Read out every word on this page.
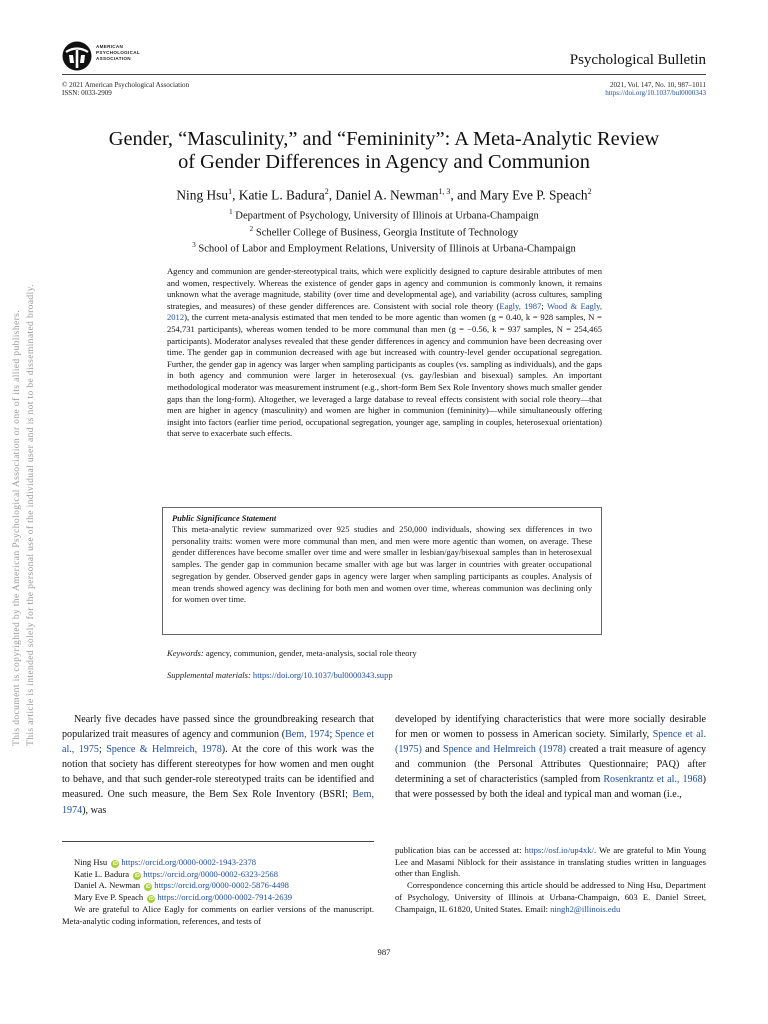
AMERICAN
PSYCHOLOGICAL
ASSOCIATION	Psychological Bulletin
© 2021 American Psychological Association
ISSN: 0033-2909
2021, Vol. 147, No. 10, 987–1011
https://doi.org/10.1037/bul0000343
Gender, “Masculinity,” and “Femininity”: A Meta-Analytic Review
of Gender Differences in Agency and Communion
Ning Hsu$^1$, Katie L. Badura$^2$, Daniel A. Newman$^{1, 3}$, and Mary Eve P. Speach$^2$
$^1$ Department of Psychology, University of Illinois at Urbana-Champaign
$^2$ Scheller College of Business, Georgia Institute of Technology
$^3$ School of Labor and Employment Relations, University of Illinois at Urbana-Champaign
Agency and communion are gender-stereotypical traits, which were explicitly designed to capture desirable attributes of men and women, respectively. Whereas the existence of gender gaps in agency and communion is commonly known, it remains unknown what the average magnitude, stability (over time and developmental age), and variability (across cultures, sampling strategies, and measures) of these gender differences are. Consistent with social role theory (Eagly, 1987; Wood & Eagly, 2012), the current meta-analysis estimated that men tended to be more agentic than women (g = 0.40, k = 928 samples, N = 254,731 participants), whereas women tended to be more communal than men (g = −0.56, k = 937 samples, N = 254,465 participants). Moderator analyses revealed that these gender differences in agency and communion have been decreasing over time. The gender gap in communion decreased with age but increased with country-level gender occupational segregation. Further, the gender gap in agency was larger when sampling participants as couples (vs. sampling as individuals), and the gaps in both agency and communion were larger in heterosexual (vs. gay/lesbian and bisexual) samples. An important methodological moderator was measurement instrument (e.g., short-form Bem Sex Role Inventory shows much smaller gender gaps than the long-form). Altogether, we leveraged a large database to reveal effects consistent with social role theory—that men are higher in agency (masculinity) and women are higher in communion (femininity)—while simultaneously offering insight into factors (earlier time period, occupational segregation, younger age, sampling in couples, heterosexual orientation) that serve to exacerbate such effects.
Public Significance Statement
This meta-analytic review summarized over 925 studies and 250,000 individuals, showing sex differences in two personality traits: women were more communal than men, and men were more agentic than women, on average. These gender differences have become smaller over time and were smaller in lesbian/gay/bisexual samples than in heterosexual samples. The gender gap in communion became smaller with age but was larger in countries with greater occupational segregation by gender. Observed gender gaps in agency were larger when sampling participants as couples. Analysis of mean trends showed agency was declining for both men and women over time, whereas communion was declining only for women over time.
Keywords: agency, communion, gender, meta-analysis, social role theory
Supplemental materials: https://doi.org/10.1037/bul0000343.supp
This document is copyrighted by the American Psychological Association or one of its allied publishers. This article is intended solely for the personal use of the individual user and is not to be disseminated broadly.	Nearly five decades have passed since the groundbreaking research that popularized trait measures of agency and communion (Bem, 1974; Spence et al., 1975; Spence & Helmreich, 1978). At the core of this work was the notion that society has different stereotypes for how women and men ought to behave, and that such gender-role stereotyped traits can be identified and measured. One such measure, the Bem Sex Role Inventory (BSRI; Bem, 1974), was

developed by identifying characteristics that were more socially desirable for men or women to possess in American society. Similarly, Spence et al. (1975) and Spence and Helmreich (1978) created a trait measure of agency and communion (the Personal Attributes Questionnaire; PAQ) after determining a set of characteristics (sampled from Rosenkrantz et al., 1968) that were possessed by both the ideal and typical man and woman (i.e.,

Ning Hsu iD https://orcid.org/0000-0002-1943-2378
Katie L. Badura iD https://orcid.org/0000-0002-6323-2568
Daniel A. Newman iD https://orcid.org/0000-0002-5876-4498
Mary Eve P. Speach iD https://orcid.org/0000-0002-7914-2639
We are grateful to Alice Eagly for comments on earlier versions of the manuscript. Meta-analytic coding information, references, and tests of

publication bias can be accessed at: https://osf.io/up4xk/. We are grateful to Min Young Lee and Masami Niblock for their assistance in translating studies written in languages other than English.

Correspondence concerning this article should be addressed to Ning Hsu, Department of Psychology, University of Illinois at Urbana-Champaign, 603 E. Daniel Street, Champaign, IL 61820, United States. Email: ningh2@illinois.edu

987
